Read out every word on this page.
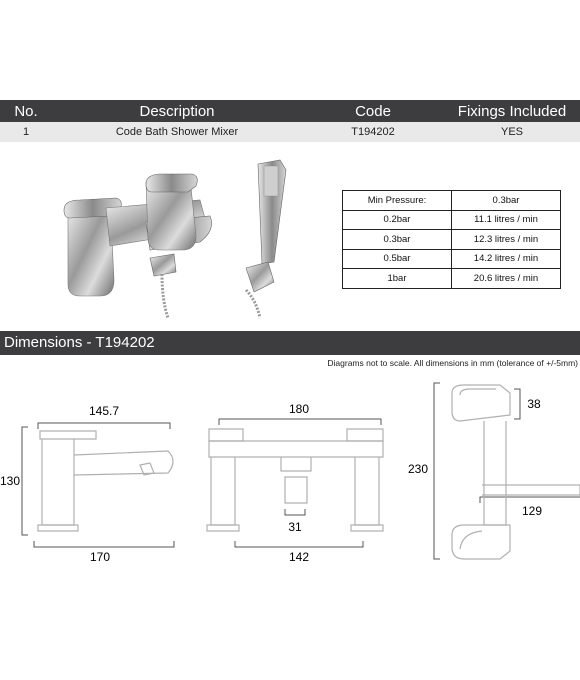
No.	Description	Code	Fixings Included
1	Code Bath Shower Mixer	T194202	YES
Min Pressure:	0.3bar
0.2bar	11.1 litres / min
0.3bar	12.3 litres / min
0.5bar	14.2 litres / min
1bar	20.6 litres / min
Dimensions - T194202
Diagrams not to scale. All dimensions in mm (tolerance of +/-5mm)
145.7
130
170
180
31
142
230
38
129
